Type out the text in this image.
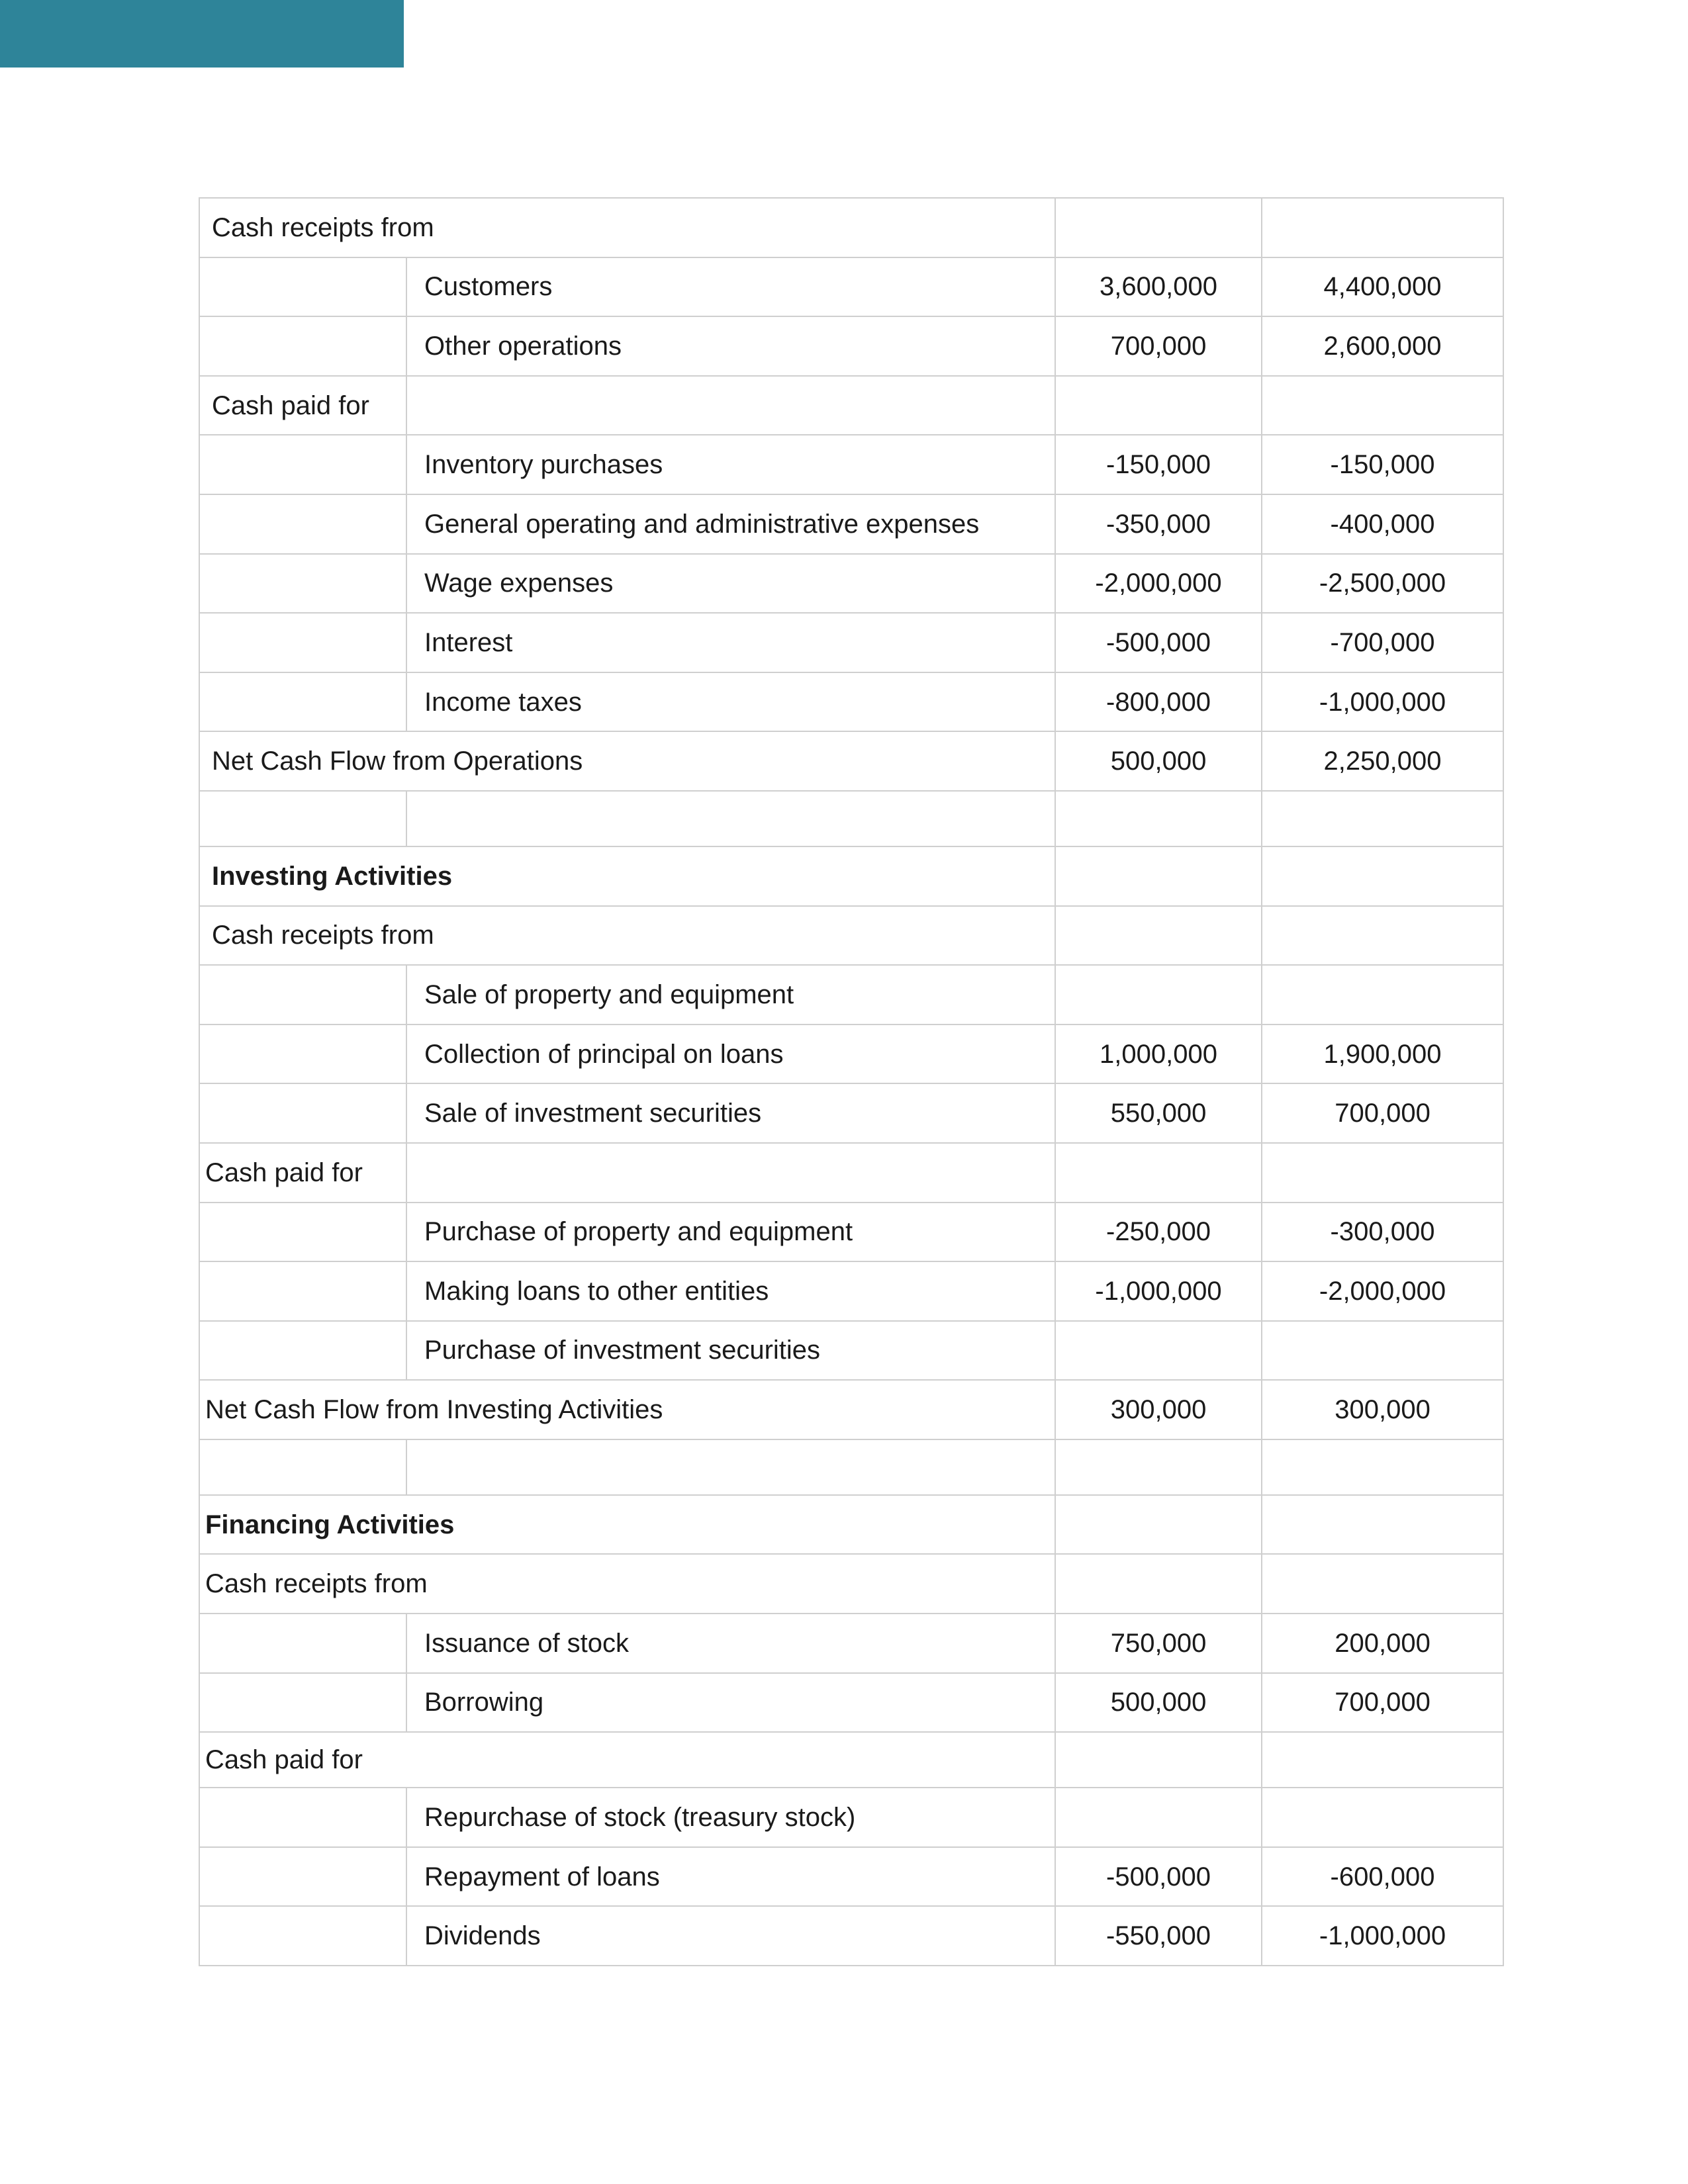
Cash receipts from			
	Customers	3,600,000	4,400,000
	Other operations	700,000	2,600,000
Cash paid for			
	Inventory purchases	-150,000	-150,000
	General operating and administrative expenses	-350,000	-400,000
	Wage expenses	-2,000,000	-2,500,000
	Interest	-500,000	-700,000
	Income taxes	-800,000	-1,000,000
Net Cash Flow from Operations		500,000	2,250,000

Investing Activities			
Cash receipts from			
	Sale of property and equipment		
	Collection of principal on loans	1,000,000	1,900,000
	Sale of investment securities	550,000	700,000
Cash paid for			
	Purchase of property and equipment	-250,000	-300,000
	Making loans to other entities	-1,000,000	-2,000,000
	Purchase of investment securities		
Net Cash Flow from Investing Activities		300,000	300,000

Financing Activities			
Cash receipts from			
	Issuance of stock	750,000	200,000
	Borrowing	500,000	700,000
Cash paid for			
	Repurchase of stock (treasury stock)		
	Repayment of loans	-500,000	-600,000
	Dividends	-550,000	-1,000,000
